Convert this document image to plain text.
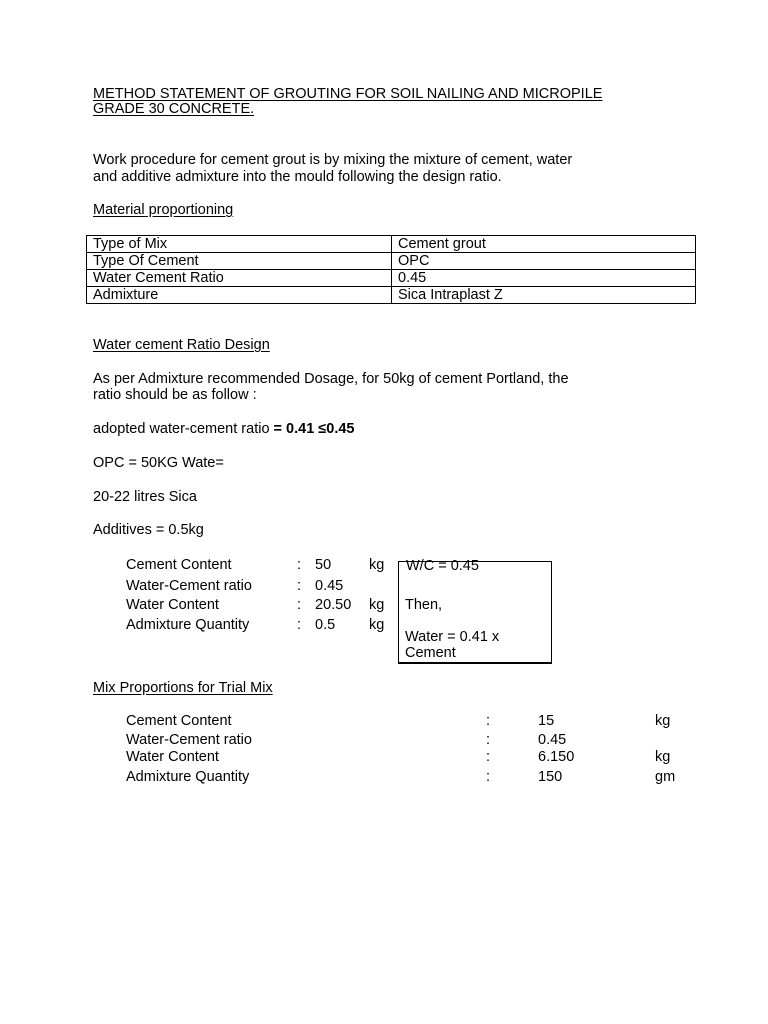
METHOD STATEMENT OF GROUTING FOR SOIL NAILING AND MICROPILE
GRADE 30 CONCRETE.
Work procedure for cement grout is by mixing the mixture of cement, water
and additive admixture into the mould following the design ratio.
Material proportioning
Type of Mix	Cement grout
Type Of Cement	OPC
Water Cement Ratio	0.45
Admixture	Sica Intraplast Z
Water cement Ratio Design
As per Admixture recommended Dosage, for 50kg of cement Portland, the
ratio should be as follow :
adopted water-cement ratio = 0.41 ≤0.45
OPC = 50KG Wate=
20-22 litres Sica
Additives = 0.5kg
Cement Content	: 50	kg
Water-Cement ratio	: 0.45
Water Content	: 20.50 kg
Admixture Quantity	: 0.5 kg
W/C = 0.45
Then,
Water = 0.41 x
Cement
Mix Proportions for Trial Mix
Cement Content	:	15	kg
Water-Cement ratio	:	0.45
Water Content	:	6.150	kg
Admixture Quantity	:	150	gm
